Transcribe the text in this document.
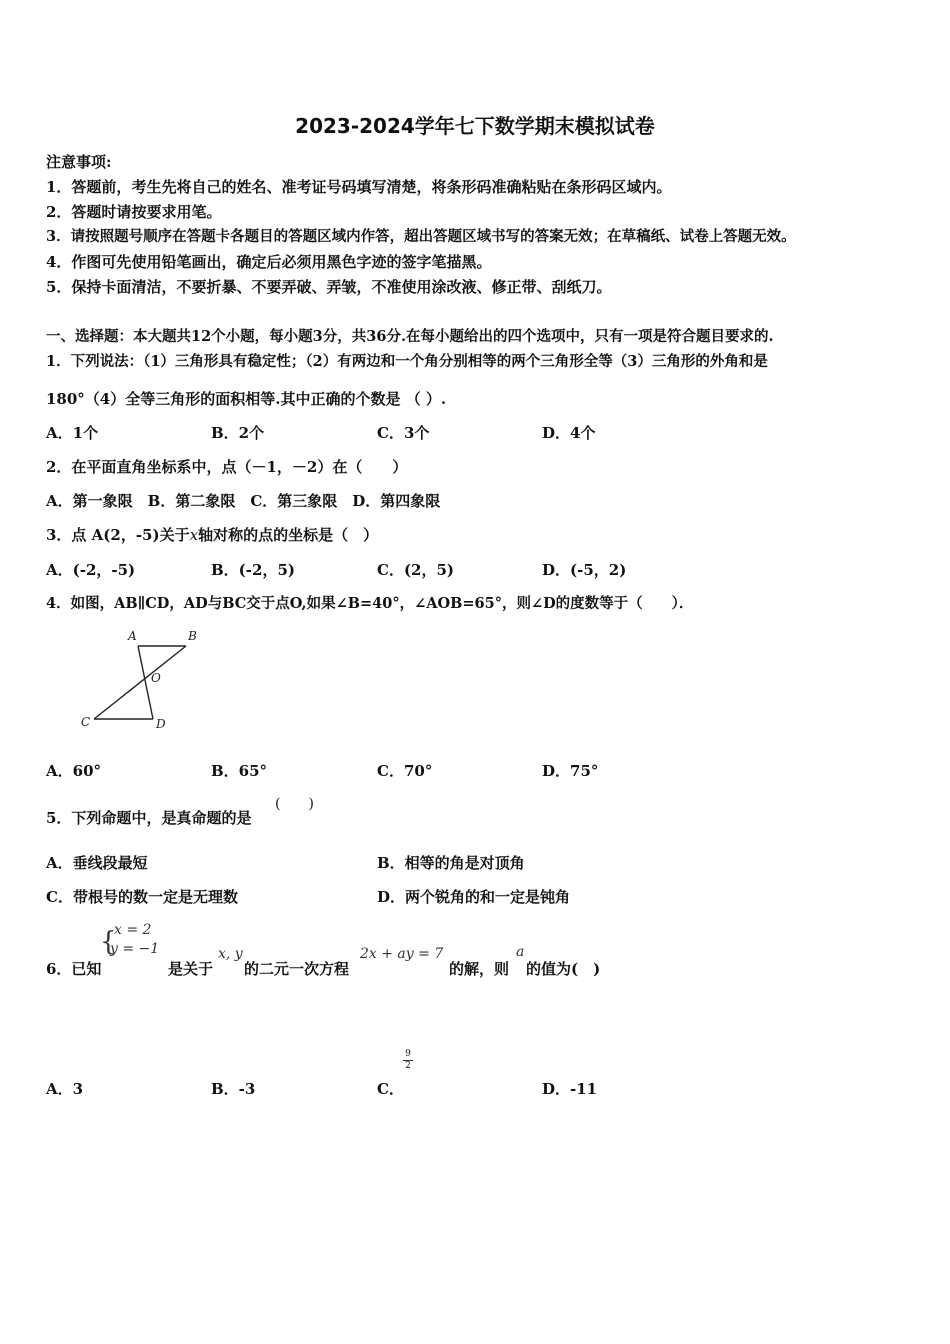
2023-2024学年七下数学期末模拟试卷
注意事项:
1．答题前，考生先将自己的姓名、准考证号码填写清楚，将条形码准确粘贴在条形码区域内。
2．答题时请按要求用笔。
3．请按照题号顺序在答题卡各题目的答题区域内作答，超出答题区域书写的答案无效；在草稿纸、试卷上答题无效。
4．作图可先使用铅笔画出，确定后必须用黑色字迹的签字笔描黑。
5．保持卡面清洁，不要折暴、不要弄破、弄皱，不准使用涂改液、修正带、刮纸刀。
一、选择题：本大题共12个小题，每小题3分，共36分.在每小题给出的四个选项中，只有一项是符合题目要求的.
1．下列说法：（1）三角形具有稳定性；（2）有两边和一个角分别相等的两个三角形全等（3）三角形的外角和是
180°（4）全等三角形的面积相等.其中正确的个数是 （ ）.
A．1个	B．2个	C．3个	D．4个
2．在平面直角坐标系中，点（－1，－2）在（　　）
A．第一象限　B．第二象限　C．第三象限　D．第四象限
3．点 A(2，-5)关于x轴对称的点的坐标是（　）
A．(-2，-5)	B．(-2，5)	C．(2，5)	D．(-5，2)
4．如图，AB∥CD，AD与BC交于点O,如果∠B=40°，∠AOB=65°，则∠D的度数等于（　　）．
A	B
O
C	D
A．60°	B．65°	C．70°	D．75°
5．下列命题中，是真命题的是
(　　)
A．垂线段最短	B．相等的角是对顶角
C．带根号的数一定是无理数	D．两个锐角的和一定是钝角
6．已知
{
x = 2
y = −1
是关于
x, y
的二元一次方程
2x + ay = 7
的解，则
a
的值为(　)
A．3	B．-3	C．
$\frac{9}{2}$
D．-11
